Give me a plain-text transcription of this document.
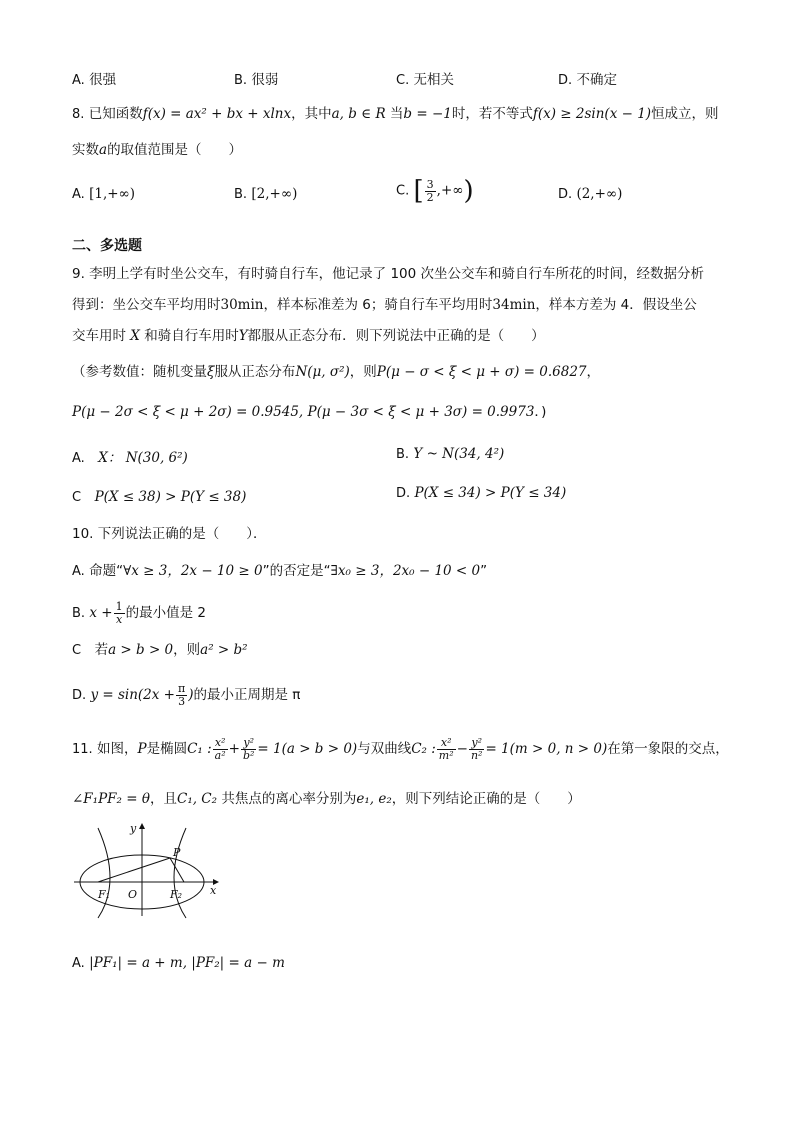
A. 很强	B. 很弱	C. 无相关	D. 不确定
8. 已知函数f(x) = ax² + bx + xlnx，其中a, b ∈ R 当b = −1时，若不等式f(x) ≥ 2sin(x − 1)恒成立，则
实数a的取值范围是（　　）
A. [1,+∞)	B. [2,+∞)	C. [ $\frac{3}{2}$ ,+∞)	D. (2,+∞)
二、多选题
9. 李明上学有时坐公交车，有时骑自行车，他记录了 100 次坐公交车和骑自行车所花的时间，经数据分析
得到：坐公交车平均用时30min，样本标准差为 6；骑自行车平均用时34min，样本方差为 4．假设坐公
交车用时 X 和骑自行车用时Y都服从正态分布．则下列说法中正确的是（　　）
（参考数值：随机变量ξ服从正态分布N(μ, σ²)，则P(μ − σ < ξ < μ + σ) = 0.6827，
P(μ − 2σ < ξ < μ + 2σ) = 0.9545, P(μ − 3σ < ξ < μ + 3σ) = 0.9973．)
A.　 X： N(30, 6²)	B. Y ~ N(34, 4²)
C　 P(X ≤ 38) > P(Y ≤ 38)	D. P(X ≤ 34) > P(Y ≤ 34)
10. 下列说法正确的是（　　）．
A. 命题“∀x ≥ 3，2x − 10 ≥ 0”的否定是“∃x₀ ≥ 3，2x₀ − 10 < 0”
B. $x + \frac{1}{x}$ 的最小值是 2
C　 若a > b > 0，则a² > b²
D. $y = \sin(2x + \frac{\pi}{3}$ )的最小正周期是 π
11. 如图，P是椭圆C₁ : $\frac{\text{x²}}{\text{a²}} + \frac{\text{y²}}{\text{b²}} = 1(a > b > 0)$与双曲线C₂ : $\frac{\text{x²}}{\text{m²}} - \frac{\text{y²}}{\text{n²}} = 1(m > 0$, n > 0)在第一象限的交点，
∠F₁PF₂ = θ，且C₁, C₂ 共焦点的离心率分别为e₁, e₂，则下列结论正确的是（　　）
y
x
P
F₁ O	F₂
A. |PF₁| = a + m, |PF₂| = a − m
